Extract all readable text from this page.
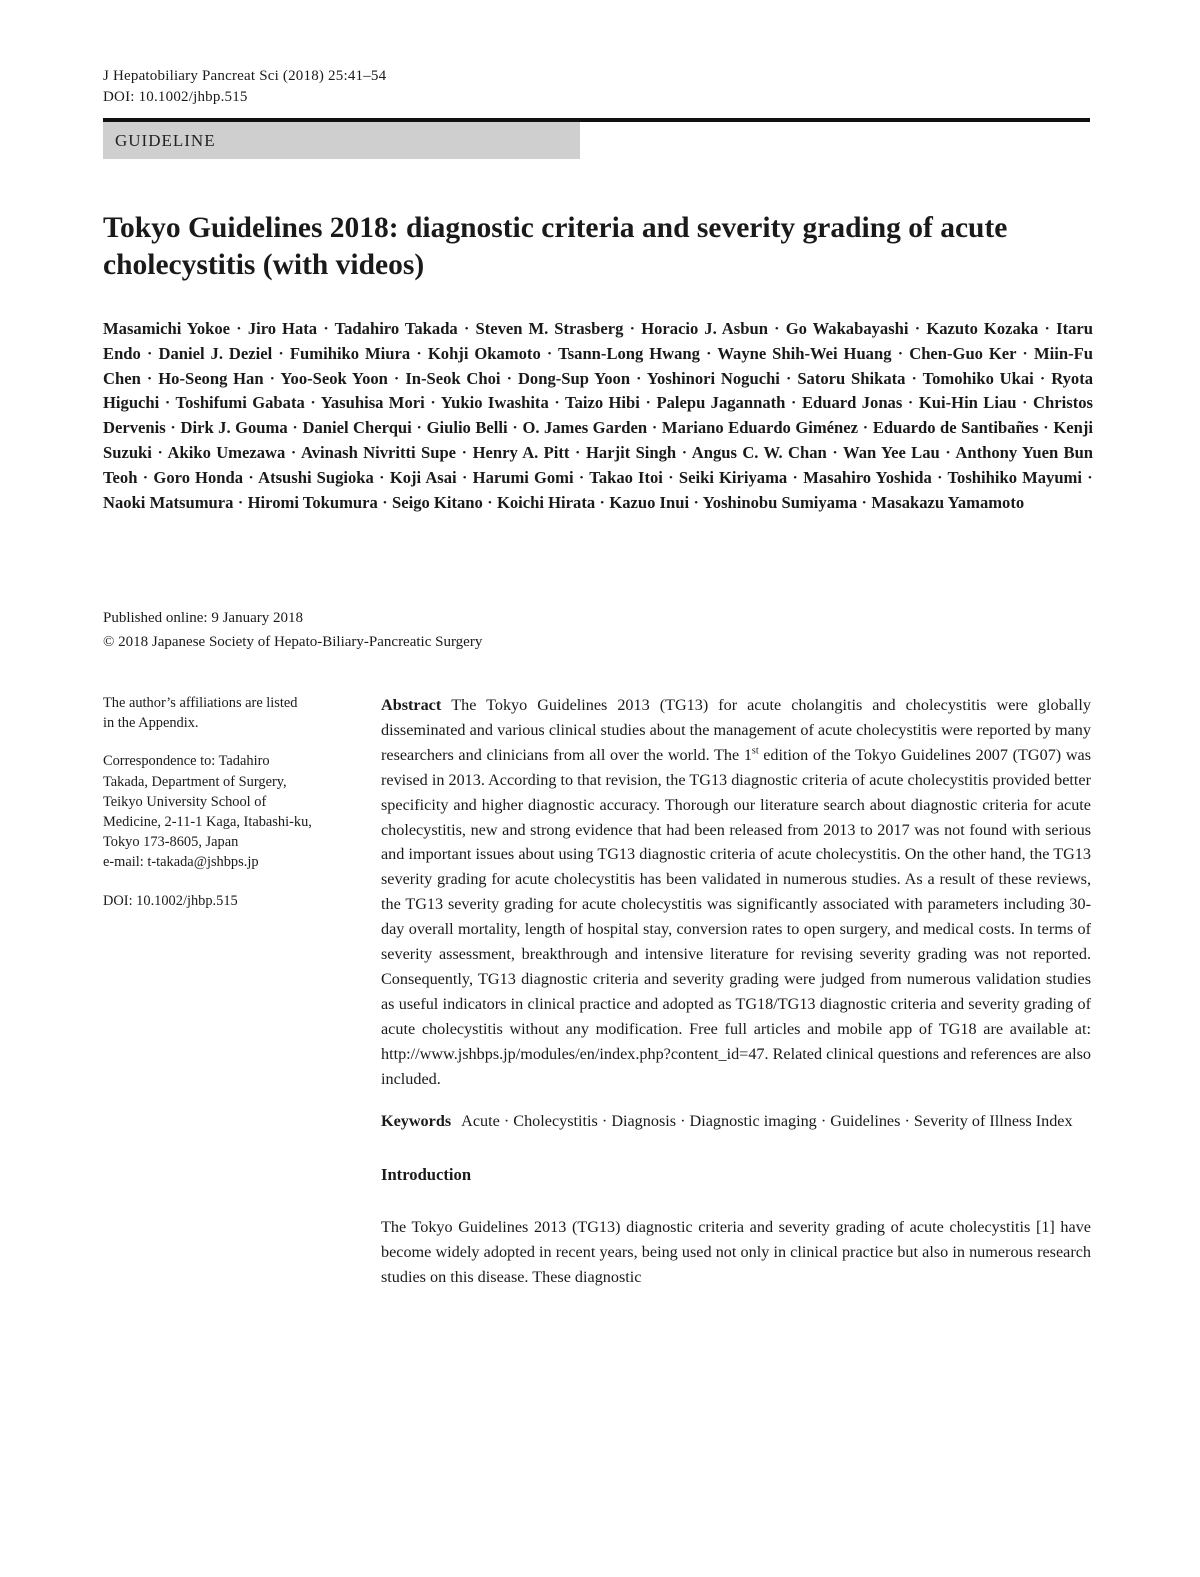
J Hepatobiliary Pancreat Sci (2018) 25:41–54
DOI: 10.1002/jhbp.515
GUIDELINE
Tokyo Guidelines 2018: diagnostic criteria and severity grading of acute cholecystitis (with videos)
Masamichi Yokoe • Jiro Hata • Tadahiro Takada • Steven M. Strasberg • Horacio J. Asbun • Go Wakabayashi • Kazuto Kozaka • Itaru Endo • Daniel J. Deziel • Fumihiko Miura • Kohji Okamoto • Tsann-Long Hwang • Wayne Shih-Wei Huang • Chen-Guo Ker • Miin-Fu Chen • Ho-Seong Han • Yoo-Seok Yoon • In-Seok Choi • Dong-Sup Yoon • Yoshinori Noguchi • Satoru Shikata • Tomohiko Ukai • Ryota Higuchi • Toshifumi Gabata • Yasuhisa Mori • Yukio Iwashita • Taizo Hibi • Palepu Jagannath • Eduard Jonas • Kui-Hin Liau • Christos Dervenis • Dirk J. Gouma • Daniel Cherqui • Giulio Belli • O. James Garden • Mariano Eduardo Giménez • Eduardo de Santibañes • Kenji Suzuki • Akiko Umezawa • Avinash Nivritti Supe • Henry A. Pitt • Harjit Singh • Angus C. W. Chan • Wan Yee Lau • Anthony Yuen Bun Teoh • Goro Honda • Atsushi Sugioka • Koji Asai • Harumi Gomi • Takao Itoi • Seiki Kiriyama • Masahiro Yoshida • Toshihiko Mayumi • Naoki Matsumura • Hiromi Tokumura • Seigo Kitano • Koichi Hirata • Kazuo Inui • Yoshinobu Sumiyama • Masakazu Yamamoto
Published online: 9 January 2018
© 2018 Japanese Society of Hepato-Biliary-Pancreatic Surgery

The author’s affiliations are listed
in the Appendix.

Correspondence to: Tadahiro
Takada, Department of Surgery,
Teikyo University School of
Medicine, 2-11-1 Kaga, Itabashi-ku,
Tokyo 173-8605, Japan
e-mail: t-takada@jshbps.jp

DOI: 10.1002/jhbp.515

Abstract The Tokyo Guidelines 2013 (TG13) for acute cholangitis and cholecystitis were globally disseminated and various clinical studies about the management of acute cholecystitis were reported by many researchers and clinicians from all over the world. The 1st edition of the Tokyo Guidelines 2007 (TG07) was revised in 2013. According to that revision, the TG13 diagnostic criteria of acute cholecystitis provided better specificity and higher diagnostic accuracy. Thorough our literature search about diagnostic criteria for acute cholecystitis, new and strong evidence that had been released from 2013 to 2017 was not found with serious and important issues about using TG13 diagnostic criteria of acute cholecystitis. On the other hand, the TG13 severity grading for acute cholecystitis has been validated in numerous studies. As a result of these reviews, the TG13 severity grading for acute cholecystitis was significantly associated with parameters including 30-day overall mortality, length of hospital stay, conversion rates to open surgery, and medical costs. In terms of severity assessment, breakthrough and intensive literature for revising severity grading was not reported. Consequently, TG13 diagnostic criteria and severity grading were judged from numerous validation studies as useful indicators in clinical practice and adopted as TG18/TG13 diagnostic criteria and severity grading of acute cholecystitis without any modification. Free full articles and mobile app of TG18 are available at: http://www.jshbps.jp/modules/en/index.php?content_id=47. Related clinical questions and references are also included.

Keywords Acute · Cholecystitis · Diagnosis · Diagnostic imaging · Guidelines · Severity of Illness Index

Introduction

The Tokyo Guidelines 2013 (TG13) diagnostic criteria and severity grading of acute cholecystitis [1] have become widely adopted in recent years, being used not only in clinical practice but also in numerous research studies on this disease. These diagnostic
